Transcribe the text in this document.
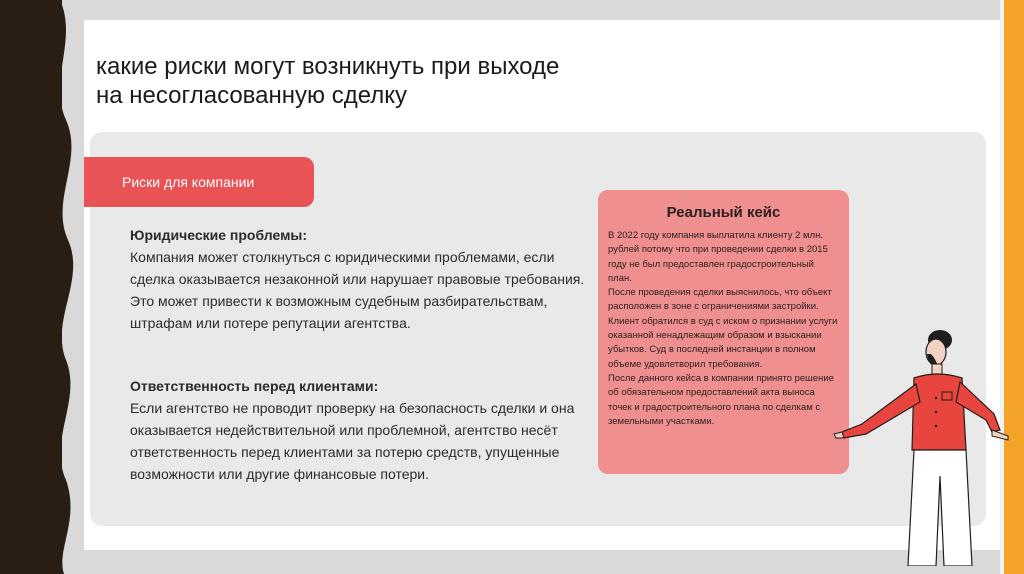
какие риски могут возникнуть при выходе
на несогласованную сделку
Риски для компании
Юридические проблемы:
Компания может столкнуться с юридическими проблемами, если сделка оказывается незаконной или нарушает правовые требования. Это может привести к возможным судебным разбирательствам, штрафам или потере репутации агентства.
Ответственность перед клиентами:
Если агентство не проводит проверку на безопасность сделки и она оказывается недействительной или проблемной, агентство несёт ответственность перед клиентами за потерю средств, упущенные возможности или другие финансовые потери.
Реальный кейс
В 2022 году компания выплатила клиенту 2 млн. рублей потому что при проведении сделки в 2015 году не был предоставлен градостроительный план.
После проведения сделки выяснилось, что объект расположен в зоне с ограничениями застройки. Клиент обратился в суд с иском о признании услуги оказанной ненадлежащим образом и взыскании убытков. Суд в последней инстанции в полном объеме удовлетворил требования.
После данного кейса в компании принято решение об обязательном предоставлений акта выноса точек и градостроительного плана по сделкам с земельными участками.
